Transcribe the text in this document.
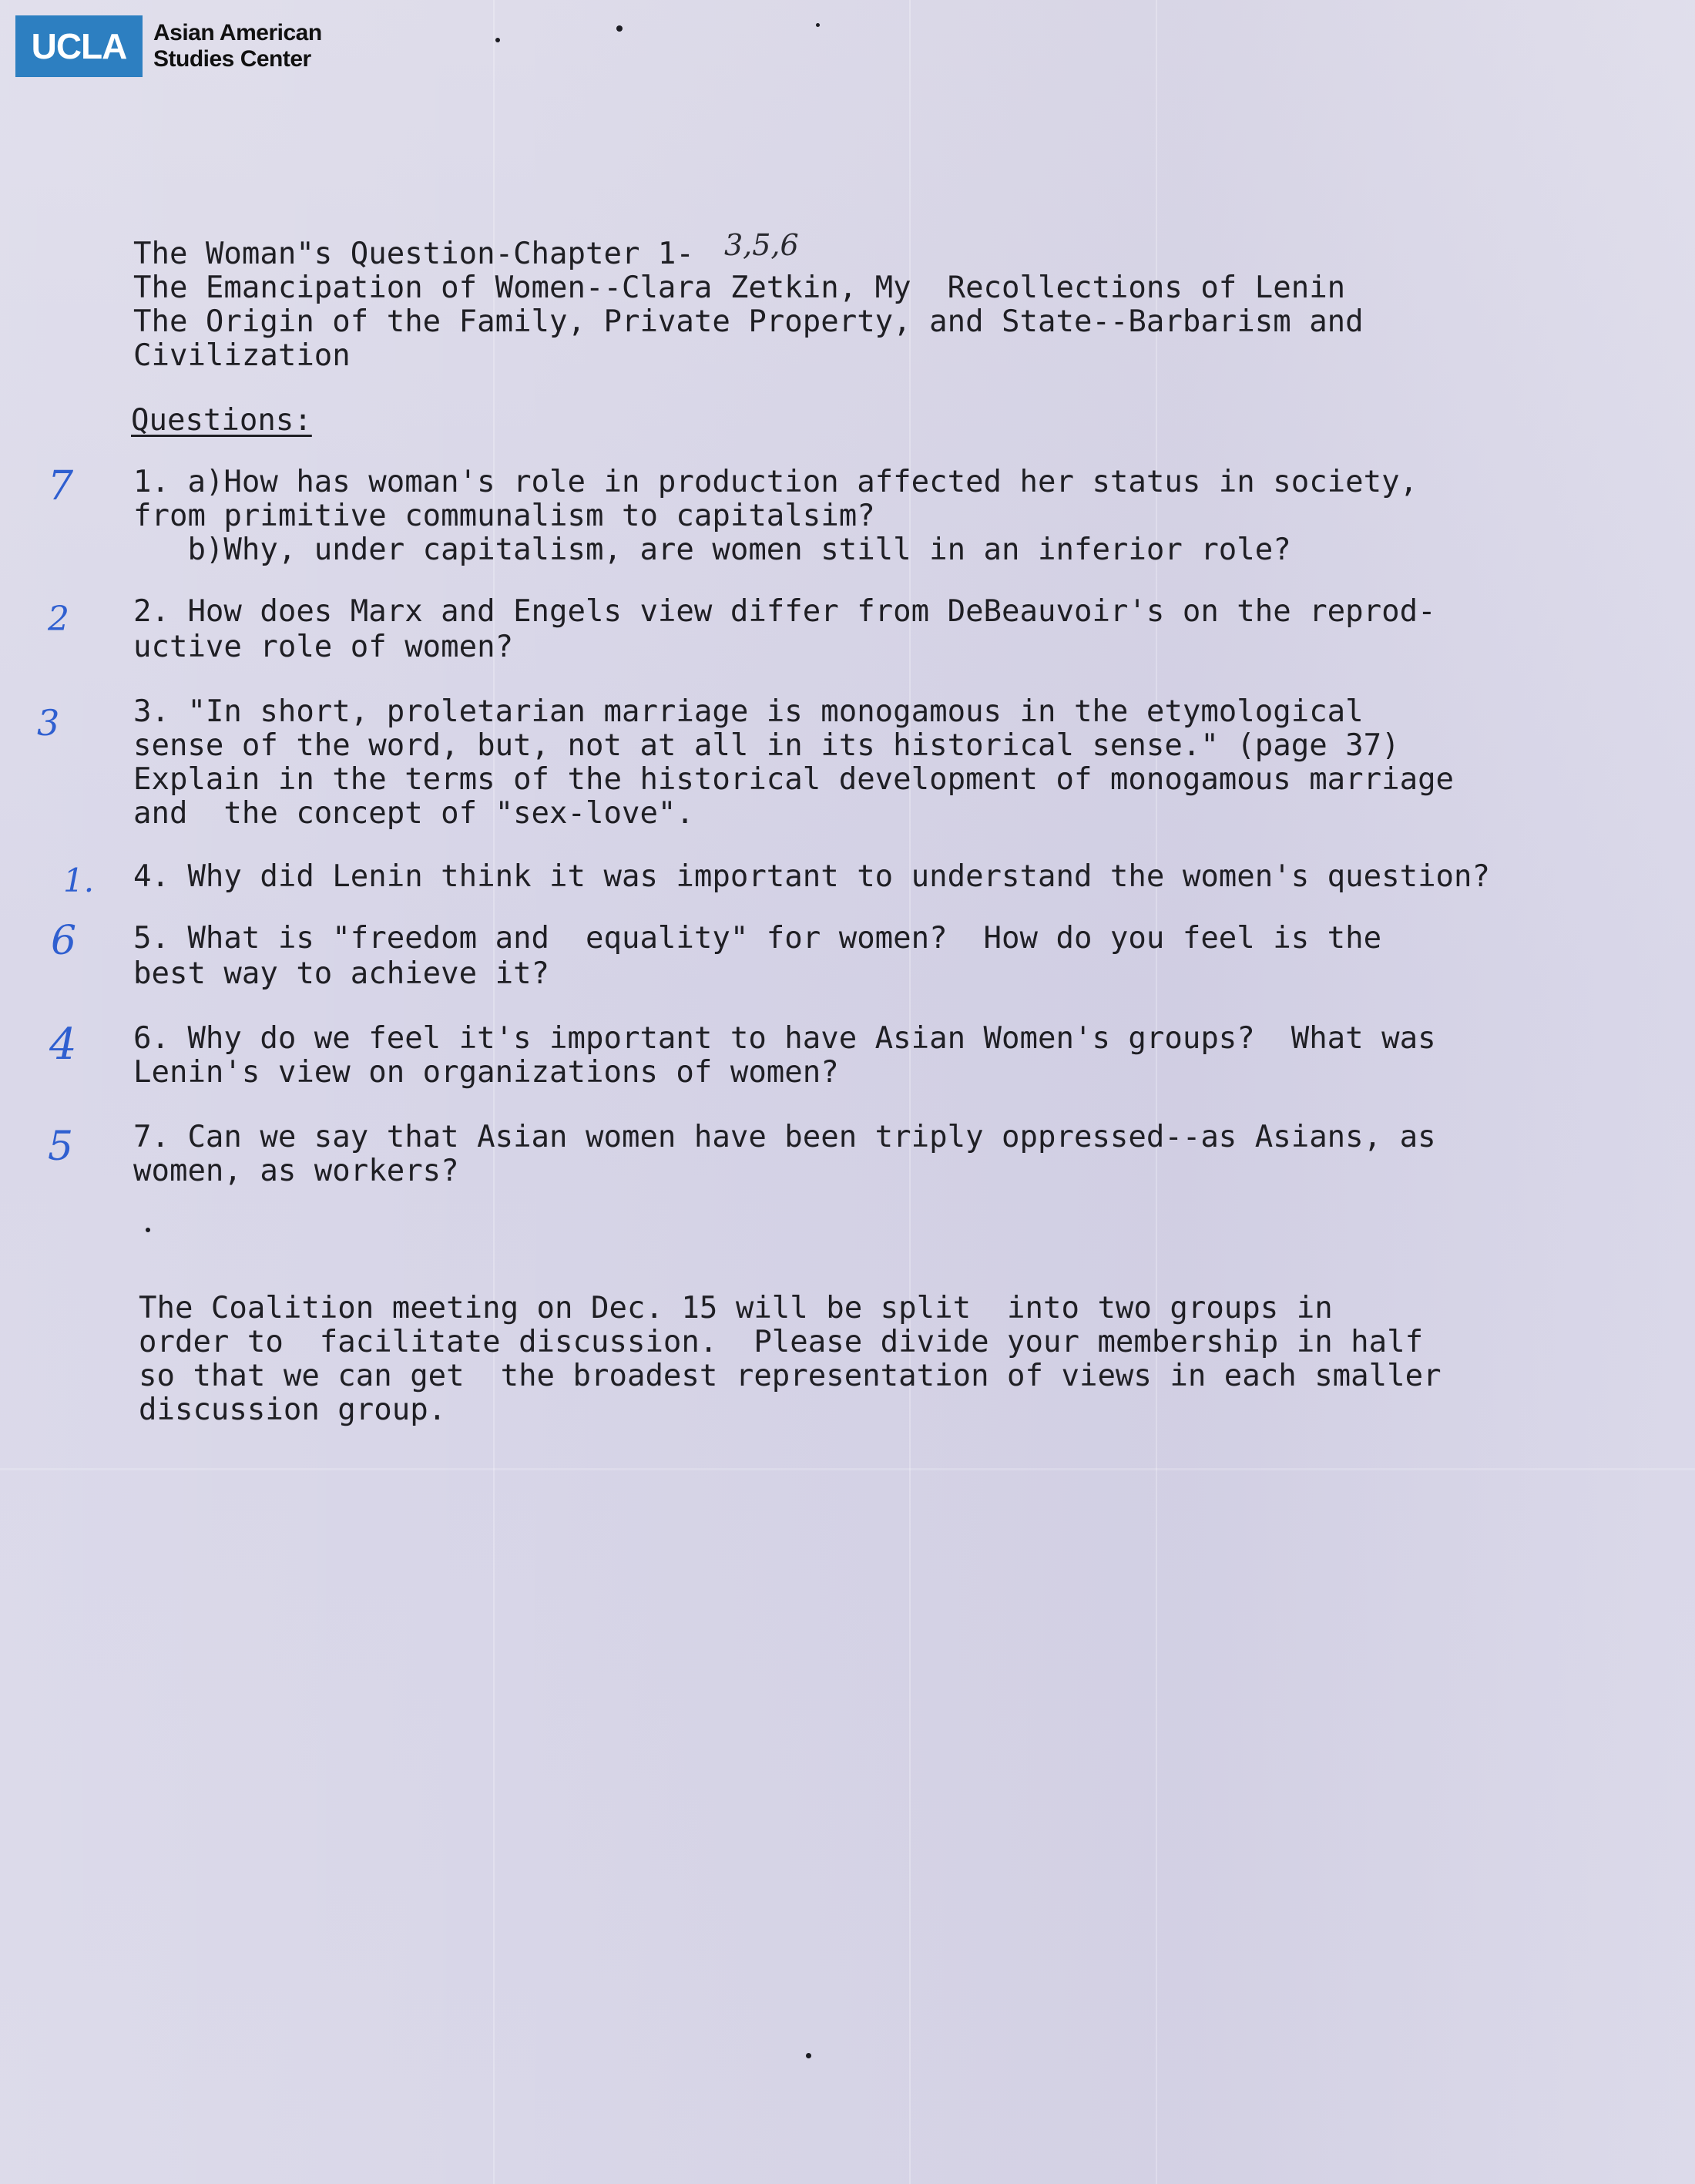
UCLA	Asian American
Studies Center
The Woman"s Question-Chapter 1- 3,5,6
The Emancipation of Women--Clara Zetkin, My  Recollections of Lenin
The Origin of the Family, Private Property, and State--Barbarism and
Civilization
Questions:
7
2
3
1.
6
4
5
1. a)How has woman's role in production affected her status in society,
from primitive communalism to capitalsim?
b)Why, under capitalism, are women still in an inferior role?
2. How does Marx and Engels view differ from DeBeauvoir's on the reprod-
uctive role of women?
3. "In short, proletarian marriage is monogamous in the etymological
sense of the word, but, not at all in its historical sense." (page 37)
Explain in the terms of the historical development of monogamous marriage
and  the concept of "sex-love".
4. Why did Lenin think it was important to understand the women's question?
5. What is "freedom and  equality" for women?  How do you feel is the
best way to achieve it?
6. Why do we feel it's important to have Asian Women's groups?  What was
Lenin's view on organizations of women?
7. Can we say that Asian women have been triply oppressed--as Asians, as
women, as workers?
The Coalition meeting on Dec. 15 will be split  into two groups in
order to  facilitate discussion.  Please divide your membership in half
so that we can get  the broadest representation of views in each smaller
discussion group.
